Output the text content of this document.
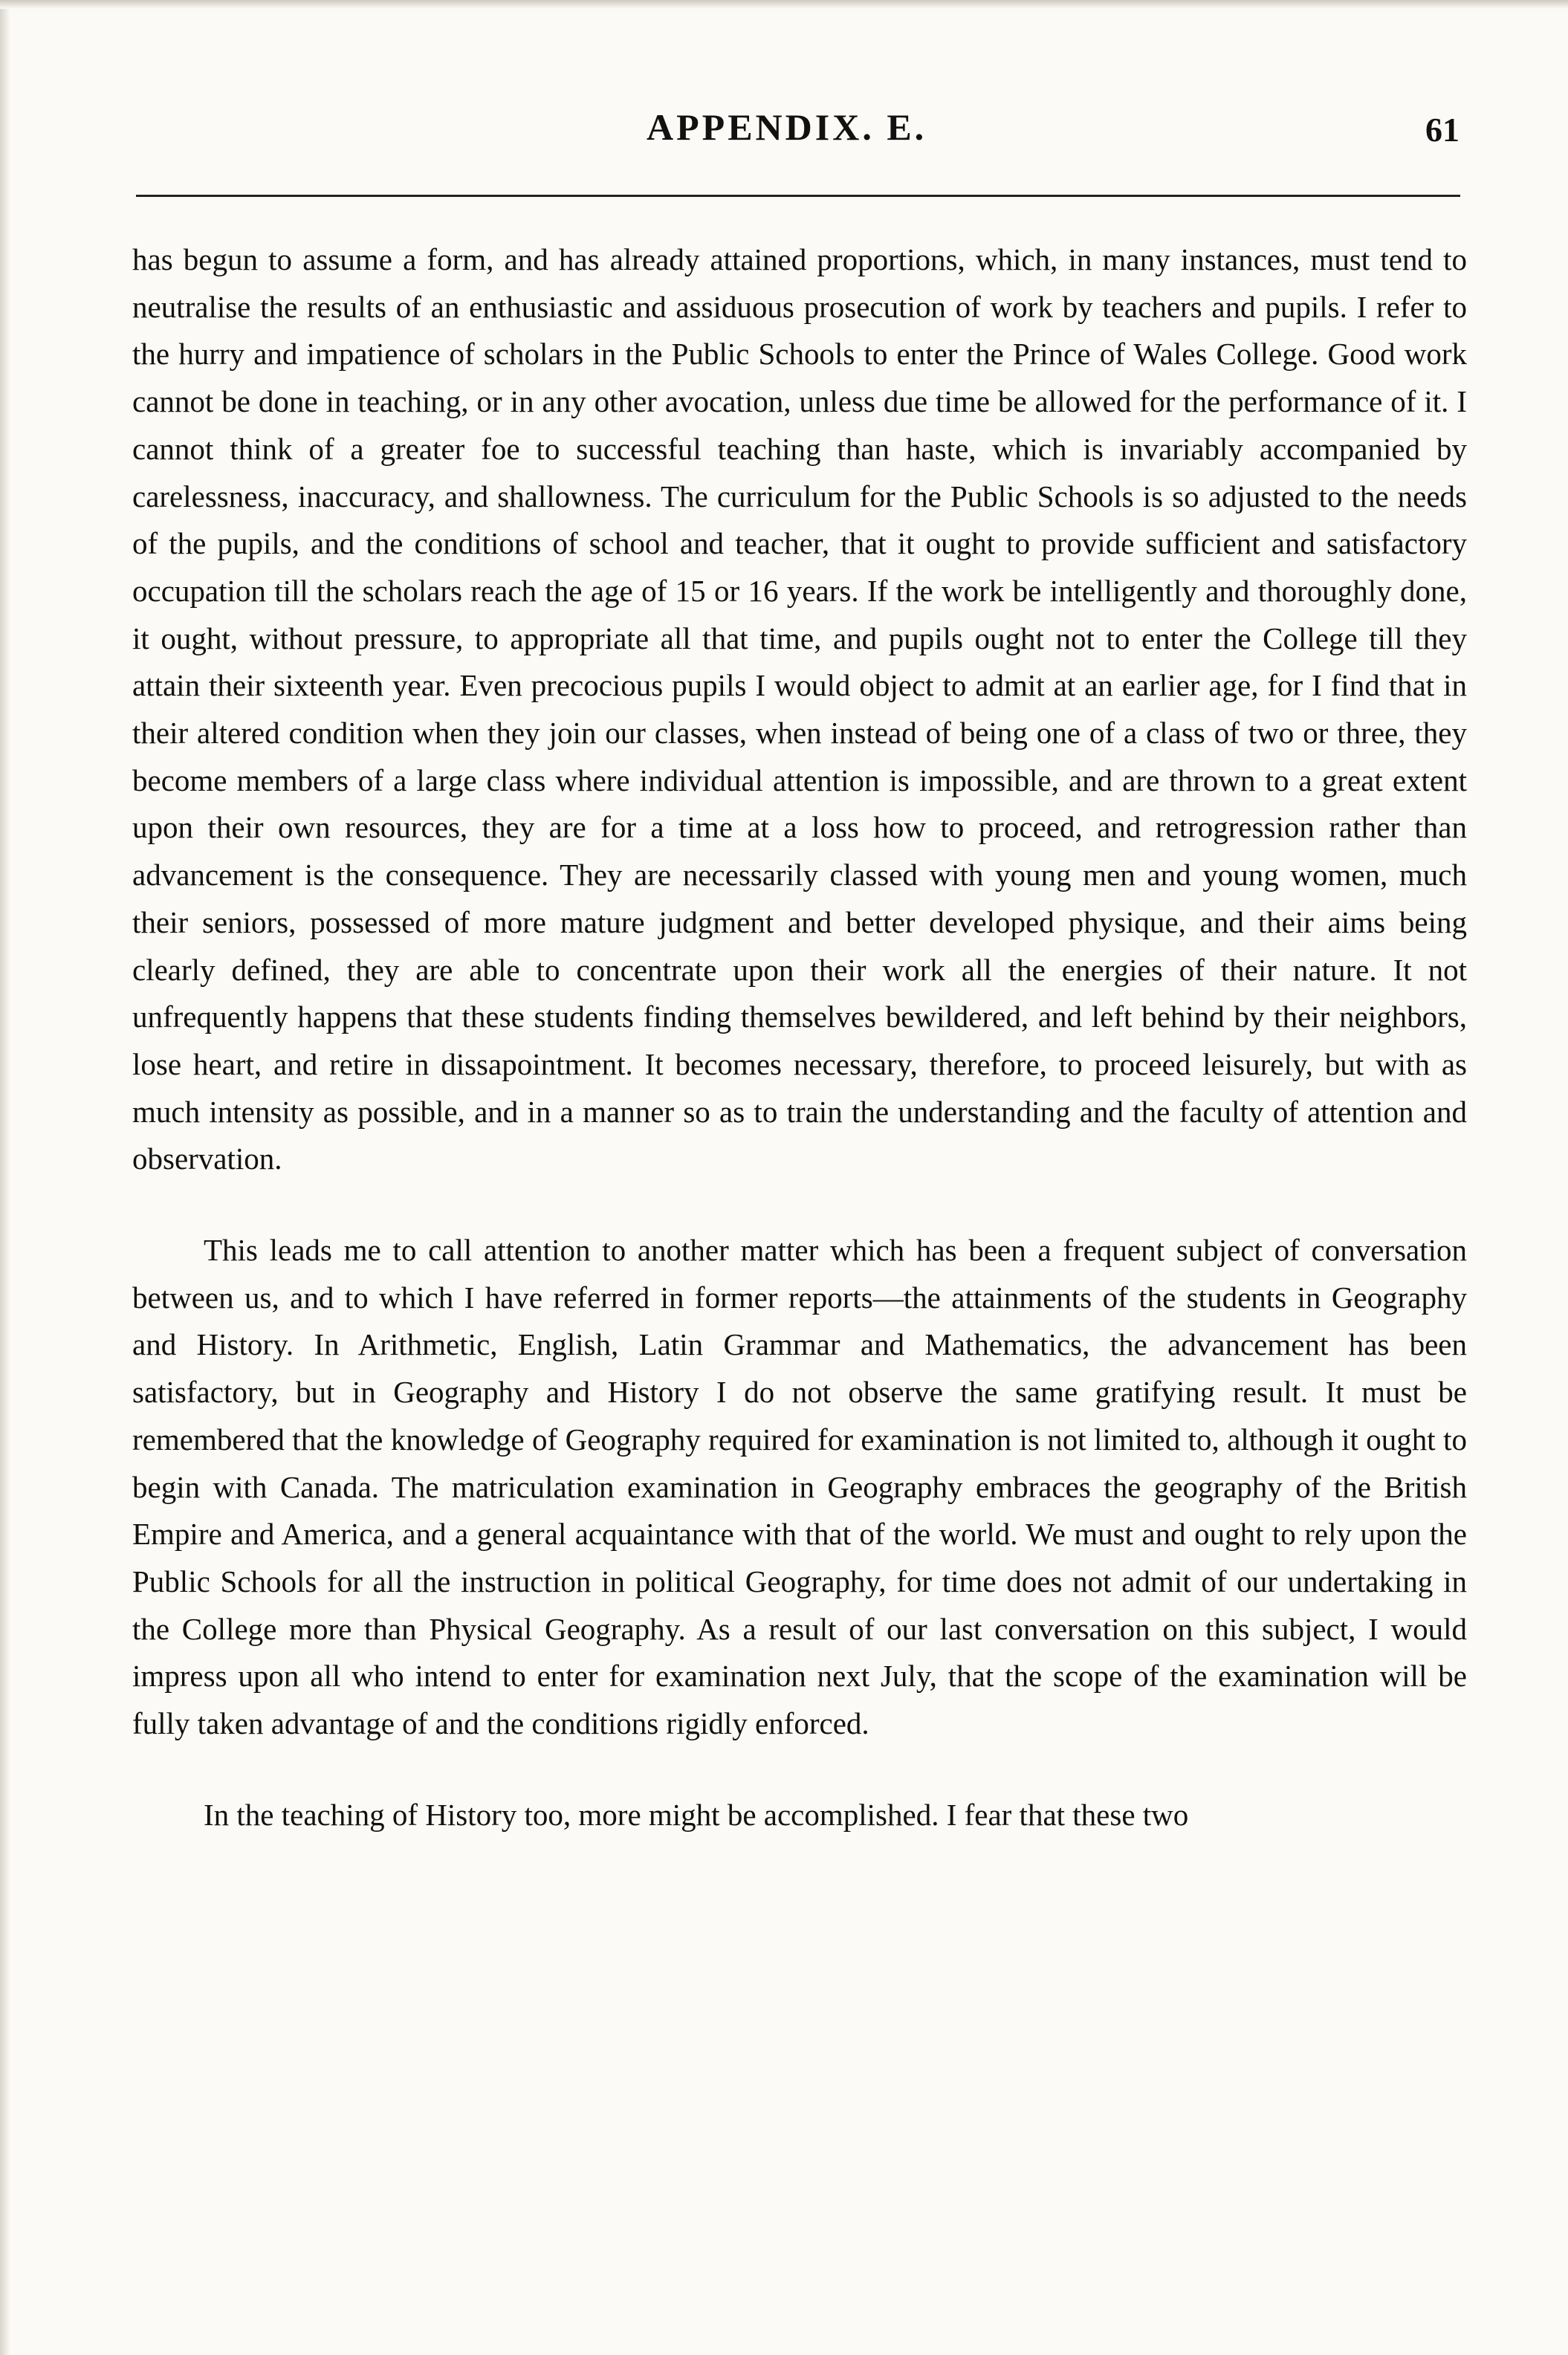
APPENDIX. E.	61

has begun to assume a form, and has already attained proportions, which, in many instances, must tend to neutralise the results of an enthusiastic and assiduous prosecution of work by teachers and pupils. I refer to the hurry and impatience of scholars in the Public Schools to enter the Prince of Wales College. Good work cannot be done in teaching, or in any other avocation, unless due time be allowed for the performance of it. I cannot think of a greater foe to successful teaching than haste, which is invariably accompanied by carelessness, inaccuracy, and shallowness. The curriculum for the Public Schools is so adjusted to the needs of the pupils, and the conditions of school and teacher, that it ought to provide sufficient and satisfactory occupation till the scholars reach the age of 15 or 16 years. If the work be intelligently and thoroughly done, it ought, without pressure, to appropriate all that time, and pupils ought not to enter the College till they attain their sixteenth year. Even precocious pupils I would object to admit at an earlier age, for I find that in their altered condition when they join our classes, when instead of being one of a class of two or three, they become members of a large class where individual attention is impossible, and are thrown to a great extent upon their own resources, they are for a time at a loss how to proceed, and retrogression rather than advancement is the consequence. They are necessarily classed with young men and young women, much their seniors, possessed of more mature judgment and better developed physique, and their aims being clearly defined, they are able to concentrate upon their work all the energies of their nature. It not unfrequently happens that these students finding themselves bewildered, and left behind by their neighbors, lose heart, and retire in dissapointment. It becomes necessary, therefore, to proceed leisurely, but with as much intensity as possible, and in a manner so as to train the understanding and the faculty of attention and observation.

This leads me to call attention to another matter which has been a frequent subject of conversation between us, and to which I have referred in former reports—the attainments of the students in Geography and History. In Arithmetic, English, Latin Grammar and Mathematics, the advancement has been satisfactory, but in Geography and History I do not observe the same gratifying result. It must be remembered that the knowledge of Geography required for examination is not limited to, although it ought to begin with Canada. The matriculation examination in Geography embraces the geography of the British Empire and America, and a general acquaintance with that of the world. We must and ought to rely upon the Public Schools for all the instruction in political Geography, for time does not admit of our undertaking in the College more than Physical Geography. As a result of our last conversation on this subject, I would impress upon all who intend to enter for examination next July, that the scope of the examination will be fully taken advantage of and the conditions rigidly enforced.

In the teaching of History too, more might be accomplished. I fear that these two
